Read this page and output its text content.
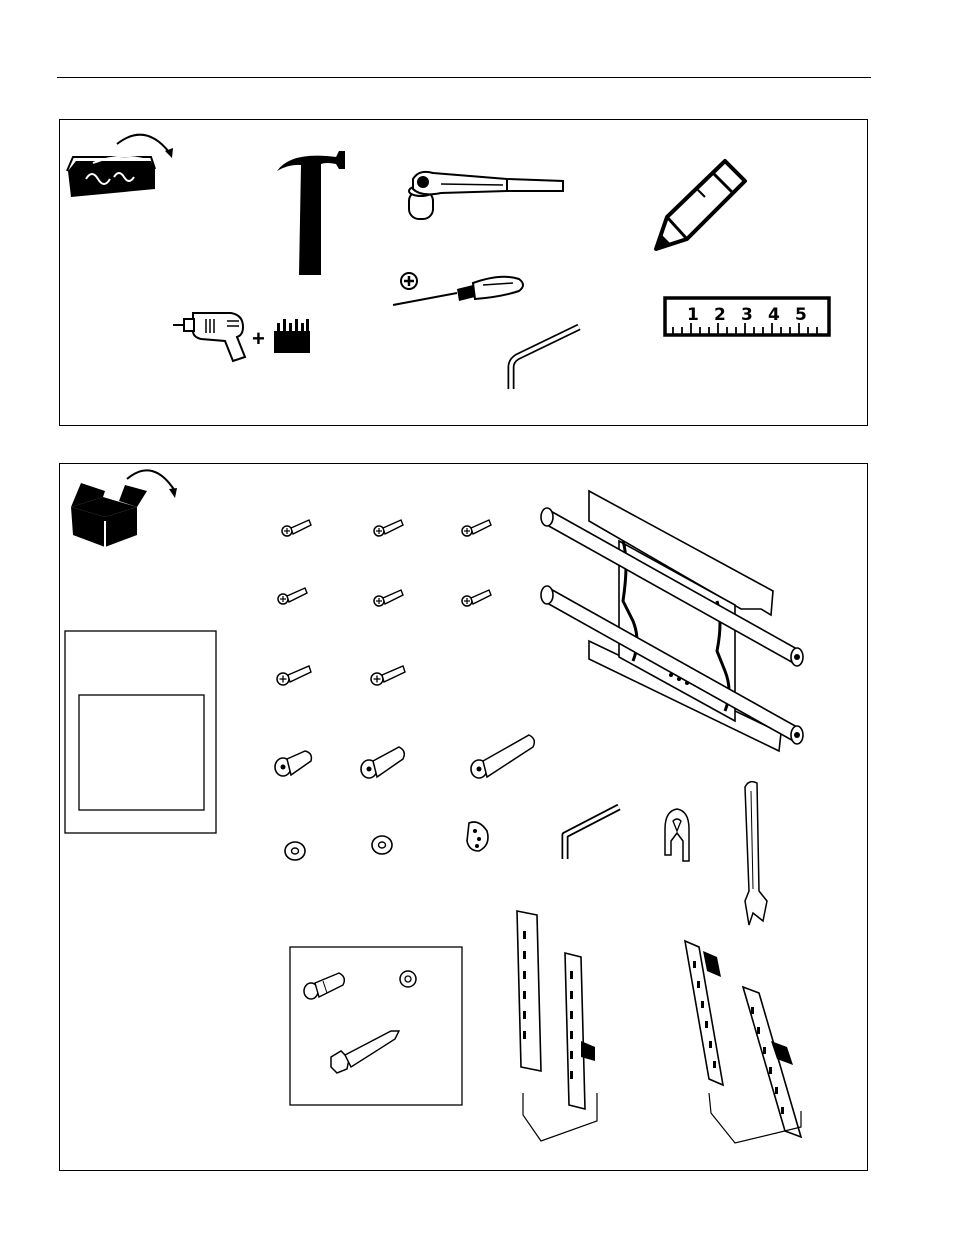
+
1 2 3 4 5
